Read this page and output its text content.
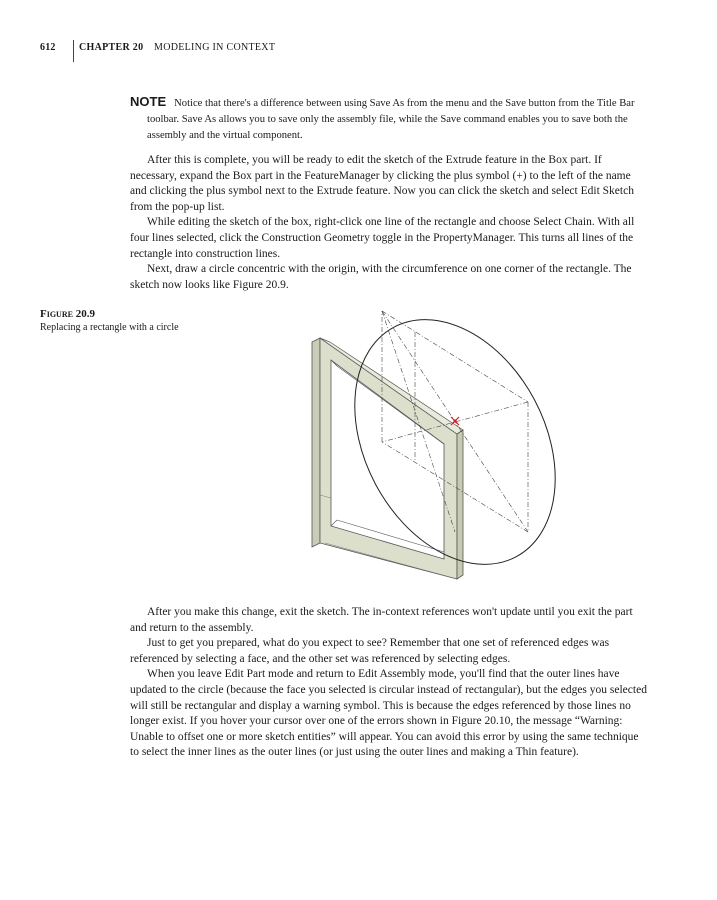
612 CHAPTER 20 MODELING IN CONTEXT
NOTE Notice that there's a difference between using Save As from the menu and the Save button from the Title Bar toolbar. Save As allows you to save only the assembly file, while the Save command enables you to save both the assembly and the virtual component.

After this is complete, you will be ready to edit the sketch of the Extrude feature in the Box part. If necessary, expand the Box part in the FeatureManager by clicking the plus symbol (+) to the left of the name and clicking the plus symbol next to the Extrude feature. Now you can click the sketch and select Edit Sketch from the pop-up list.

While editing the sketch of the box, right-click one line of the rectangle and choose Select Chain. With all four lines selected, click the Construction Geometry toggle in the PropertyManager. This turns all lines of the rectangle into construction lines.

Next, draw a circle concentric with the origin, with the circumference on one corner of the rectangle. The sketch now looks like Figure 20.9.

Figure 20.9
Replacing a rectangle with a circle

After you make this change, exit the sketch. The in-context references won't update until you exit the part and return to the assembly.

Just to get you prepared, what do you expect to see? Remember that one set of referenced edges was referenced by selecting a face, and the other set was referenced by selecting edges.

When you leave Edit Part mode and return to Edit Assembly mode, you'll find that the outer lines have updated to the circle (because the face you selected is circular instead of rectangular), but the edges you selected will still be rectangular and display a warning symbol. This is because the edges referenced by those lines no longer exist. If you hover your cursor over one of the errors shown in Figure 20.10, the message “Warning: Unable to offset one or more sketch entities” will appear. You can avoid this error by using the same technique to select the inner lines as the outer lines (or just using the outer lines and making a Thin feature).
